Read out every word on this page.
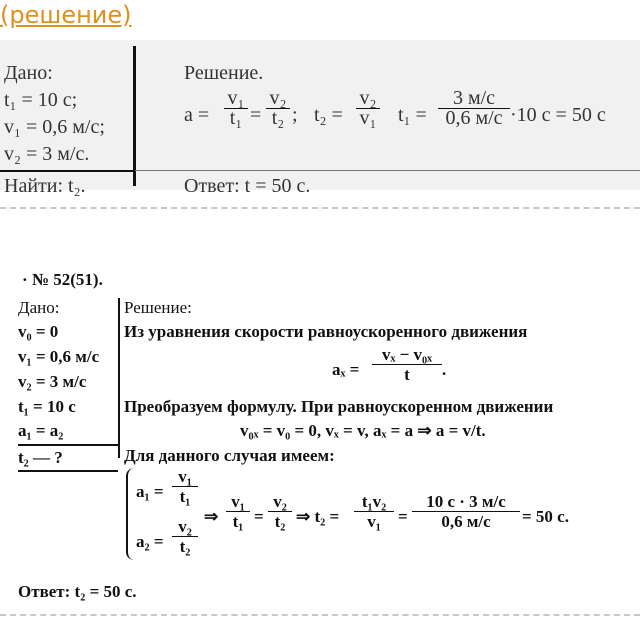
(решение)
Дано:
t₁ = 10 с;
v₁ = 0,6 м/с;
v₂ = 3 м/с.
Найти: t₂.
Решение.
a =
v₁
t₁ =
v₂
t₂ ; t₂ =
v₂
v₁ t₁ =
3 м/с
0,6 м/с ·10 с = 50 с
Ответ: t = 50 с.
· № 52(51).
Дано:
v₀ = 0
v₁ = 0,6 м/с
v₂ = 3 м/с
t₁ = 10 с
a₁ = a₂
t₂ — ?
Решение:
Из уравнения скорости равноускоренного движения
aₓ =
vₓ − v₀ₓ
t	.
Преобразуем формулу. При равноускоренном движении
v₀ₓ = v₀ = 0, vₓ = v, aₓ = a ⇒ a = v/t.
Для данного случая имеем:
a₁ =
v₁
t₁
a₂ =
v₂
t₂
⇒
v₁
t₁ =
v₂
t₂ ⇒ t₂ =
t₁v₂
v₁	=
10 с · 3 м/с
0,6 м/с	= 50 с.
Ответ: t₂ = 50 с.
